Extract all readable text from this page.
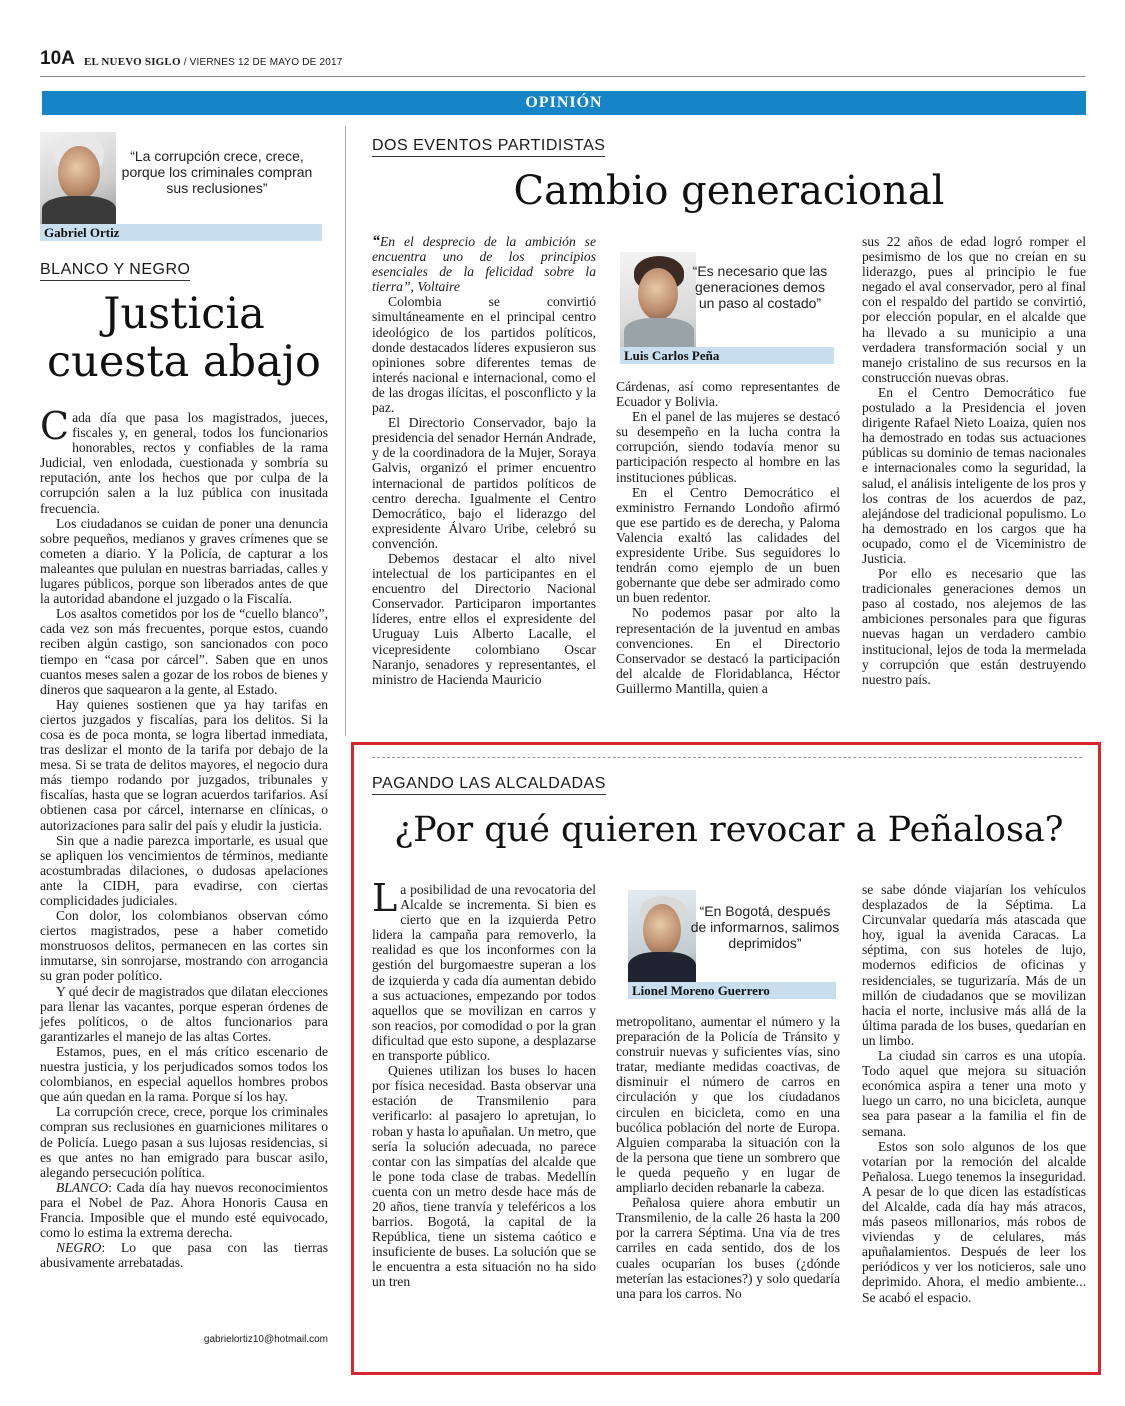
10A EL NUEVO SIGLO / VIERNES 12 DE MAYO DE 2017
OPINIÓN
“La corrupción crece, crece, porque los criminales compran sus reclusiones”
Gabriel Ortiz
BLANCO Y NEGRO
Justicia
cuesta abajo

Cada día que pasa los magistrados, jueces, fiscales y, en general, todos los funcionarios honorables, rectos y confiables de la rama Judicial, ven enlodada, cuestionada y sombría su reputación, ante los hechos que por culpa de la corrupción salen a la luz pública con inusitada frecuencia.

Los ciudadanos se cuidan de poner una denuncia sobre pequeños, medianos y graves crímenes que se cometen a diario. Y la Policía, de capturar a los maleantes que pululan en nuestras barriadas, calles y lugares públicos, porque son liberados antes de que la autoridad abandone el juzgado o la Fiscalía.

Los asaltos cometidos por los de “cuello blanco”, cada vez son más frecuentes, porque estos, cuando reciben algún castigo, son sancionados con poco tiempo en “casa por cárcel”. Saben que en unos cuantos meses salen a gozar de los robos de bienes y dineros que saquearon a la gente, al Estado.

Hay quienes sostienen que ya hay tarifas en ciertos juzgados y fiscalías, para los delitos. Si la cosa es de poca monta, se logra libertad inmediata, tras deslizar el monto de la tarifa por debajo de la mesa. Si se trata de delitos mayores, el negocio dura más tiempo rodando por juzgados, tribunales y fiscalías, hasta que se logran acuerdos tarifarios. Así obtienen casa por cárcel, internarse en clínicas, o autorizaciones para salir del país y eludir la justicia.

Sin que a nadie parezca importarle, es usual que se apliquen los vencimientos de términos, mediante acostumbradas dilaciones, o dudosas apelaciones ante la CIDH, para evadirse, con ciertas complicidades judiciales.

Con dolor, los colombianos observan cómo ciertos magistrados, pese a haber cometido monstruosos delitos, permanecen en las cortes sin inmutarse, sin sonrojarse, mostrando con arrogancia su gran poder político.

Y qué decir de magistrados que dilatan elecciones para llenar las vacantes, porque esperan órdenes de jefes políticos, o de altos funcionarios para garantizarles el manejo de las altas Cortes.

Estamos, pues, en el más crítico escenario de nuestra justicia, y los perjudicados somos todos los colombianos, en especial aquellos hombres probos que aún quedan en la rama. Porque sí los hay.

La corrupción crece, crece, porque los criminales compran sus reclusiones en guarniciones militares o de Policía. Luego pasan a sus lujosas residencias, si es que antes no han emigrado para buscar asilo, alegando persecución política.

BLANCO: Cada día hay nuevos reconocimientos para el Nobel de Paz. Ahora Honoris Causa en Francia. Imposible que el mundo esté equivocado, como lo estima la extrema derecha.

NEGRO: Lo que pasa con las tierras abusivamente arrebatadas.

gabrielortiz10@hotmail.com
DOS EVENTOS PARTIDISTAS
Cambio generacional

“En el desprecio de la ambición se encuentra uno de los principios esenciales de la felicidad sobre la tierra”, Voltaire

Colombia se convirtió simultáneamente en el principal centro ideológico de los partidos políticos, donde destacados líderes expusieron sus opiniones sobre diferentes temas de interés nacional e internacional, como el de las drogas ilícitas, el posconflicto y la paz.

El Directorio Conservador, bajo la presidencia del senador Hernán Andrade, y de la coordinadora de la Mujer, Soraya Galvis, organizó el primer encuentro internacional de partidos políticos de centro derecha. Igualmente el Centro Democrático, bajo el liderazgo del expresidente Álvaro Uribe, celebró su convención.

Debemos destacar el alto nivel intelectual de los participantes en el encuentro del Directorio Nacional Conservador. Participaron importantes líderes, entre ellos el expresidente del Uruguay Luis Alberto Lacalle, el vicepresidente colombiano Oscar Naranjo, senadores y representantes, el ministro de Hacienda Mauricio

“Es necesario que las generaciones demos un paso al costado”
Luis Carlos Peña

Cárdenas, así como representantes de Ecuador y Bolivia.

En el panel de las mujeres se destacó su desempeño en la lucha contra la corrupción, siendo todavía menor su participación respecto al hombre en las instituciones públicas.

En el Centro Democrático el exministro Fernando Londoño afirmó que ese partido es de derecha, y Paloma Valencia exaltó las calidades del expresidente Uribe. Sus seguidores lo tendrán como ejemplo de un buen gobernante que debe ser admirado como un buen redentor.

No podemos pasar por alto la representación de la juventud en ambas convenciones. En el Directorio Conservador se destacó la participación del alcalde de Floridablanca, Héctor Guillermo Mantilla, quien a

sus 22 años de edad logró romper el pesimismo de los que no creían en su liderazgo, pues al principio le fue negado el aval conservador, pero al final con el respaldo del partido se convirtió, por elección popular, en el alcalde que ha llevado a su municipio a una verdadera transformación social y un manejo cristalino de sus recursos en la construcción nuevas obras.

En el Centro Democrático fue postulado a la Presidencia el joven dirigente Rafael Nieto Loaiza, quien nos ha demostrado en todas sus actuaciones públicas su dominio de temas nacionales e internacionales como la seguridad, la salud, el análisis inteligente de los pros y los contras de los acuerdos de paz, alejándose del tradicional populismo. Lo ha demostrado en los cargos que ha ocupado, como el de Viceministro de Justicia.

Por ello es necesario que las tradicionales generaciones demos un paso al costado, nos alejemos de las ambiciones personales para que figuras nuevas hagan un verdadero cambio institucional, lejos de toda la mermelada y corrupción que están destruyendo nuestro país.

PAGANDO LAS ALCALDADAS
¿Por qué quieren revocar a Peñalosa?

La posibilidad de una revocatoria del Alcalde se incrementa. Si bien es cierto que en la izquierda Petro lidera la campaña para removerlo, la realidad es que los inconformes con la gestión del burgomaestre superan a los de izquierda y cada día aumentan debido a sus actuaciones, empezando por todos aquellos que se movilizan en carros y son reacios, por comodidad o por la gran dificultad que esto supone, a desplazarse en transporte público.

Quienes utilizan los buses lo hacen por física necesidad. Basta observar una estación de Transmilenio para verificarlo: al pasajero lo apretujan, lo roban y hasta lo apuñalan. Un metro, que sería la solución adecuada, no parece contar con las simpatías del alcalde que le pone toda clase de trabas. Medellín cuenta con un metro desde hace más de 20 años, tiene tranvía y teleféricos a los barrios. Bogotá, la capital de la República, tiene un sistema caótico e insuficiente de buses. La solución que se le encuentra a esta situación no ha sido un tren

“En Bogotá, después de informarnos, salimos deprimidos”
Lionel Moreno Guerrero

metropolitano, aumentar el número y la preparación de la Policía de Tránsito y construir nuevas y suficientes vías, sino tratar, mediante medidas coactivas, de disminuir el número de carros en circulación y que los ciudadanos circulen en bicicleta, como en una bucólica población del norte de Europa. Alguien comparaba la situación con la de la persona que tiene un sombrero que le queda pequeño y en lugar de ampliarlo deciden rebanarle la cabeza.

Peñalosa quiere ahora embutir un Transmilenio, de la calle 26 hasta la 200 por la carrera Séptima. Una vía de tres carriles en cada sentido, dos de los cuales ocuparían los buses (¿dónde meterían las estaciones?) y solo quedaría una para los carros. No

se sabe dónde viajarían los vehículos desplazados de la Séptima. La Circunvalar quedaría más atascada que hoy, igual la avenida Caracas. La séptima, con sus hoteles de lujo, modernos edificios de oficinas y residenciales, se tugurizaría. Más de un millón de ciudadanos que se movilizan hacia el norte, inclusive más allá de la última parada de los buses, quedarían en un limbo.

La ciudad sin carros es una utopía. Todo aquel que mejora su situación económica aspira a tener una moto y luego un carro, no una bicicleta, aunque sea para pasear a la familia el fin de semana.

Estos son solo algunos de los que votarían por la remoción del alcalde Peñalosa. Luego tenemos la inseguridad. A pesar de lo que dicen las estadísticas del Alcalde, cada día hay más atracos, más paseos millonarios, más robos de viviendas y de celulares, más apuñalamientos. Después de leer los periódicos y ver los noticieros, sale uno deprimido. Ahora, el medio ambiente... Se acabó el espacio.
